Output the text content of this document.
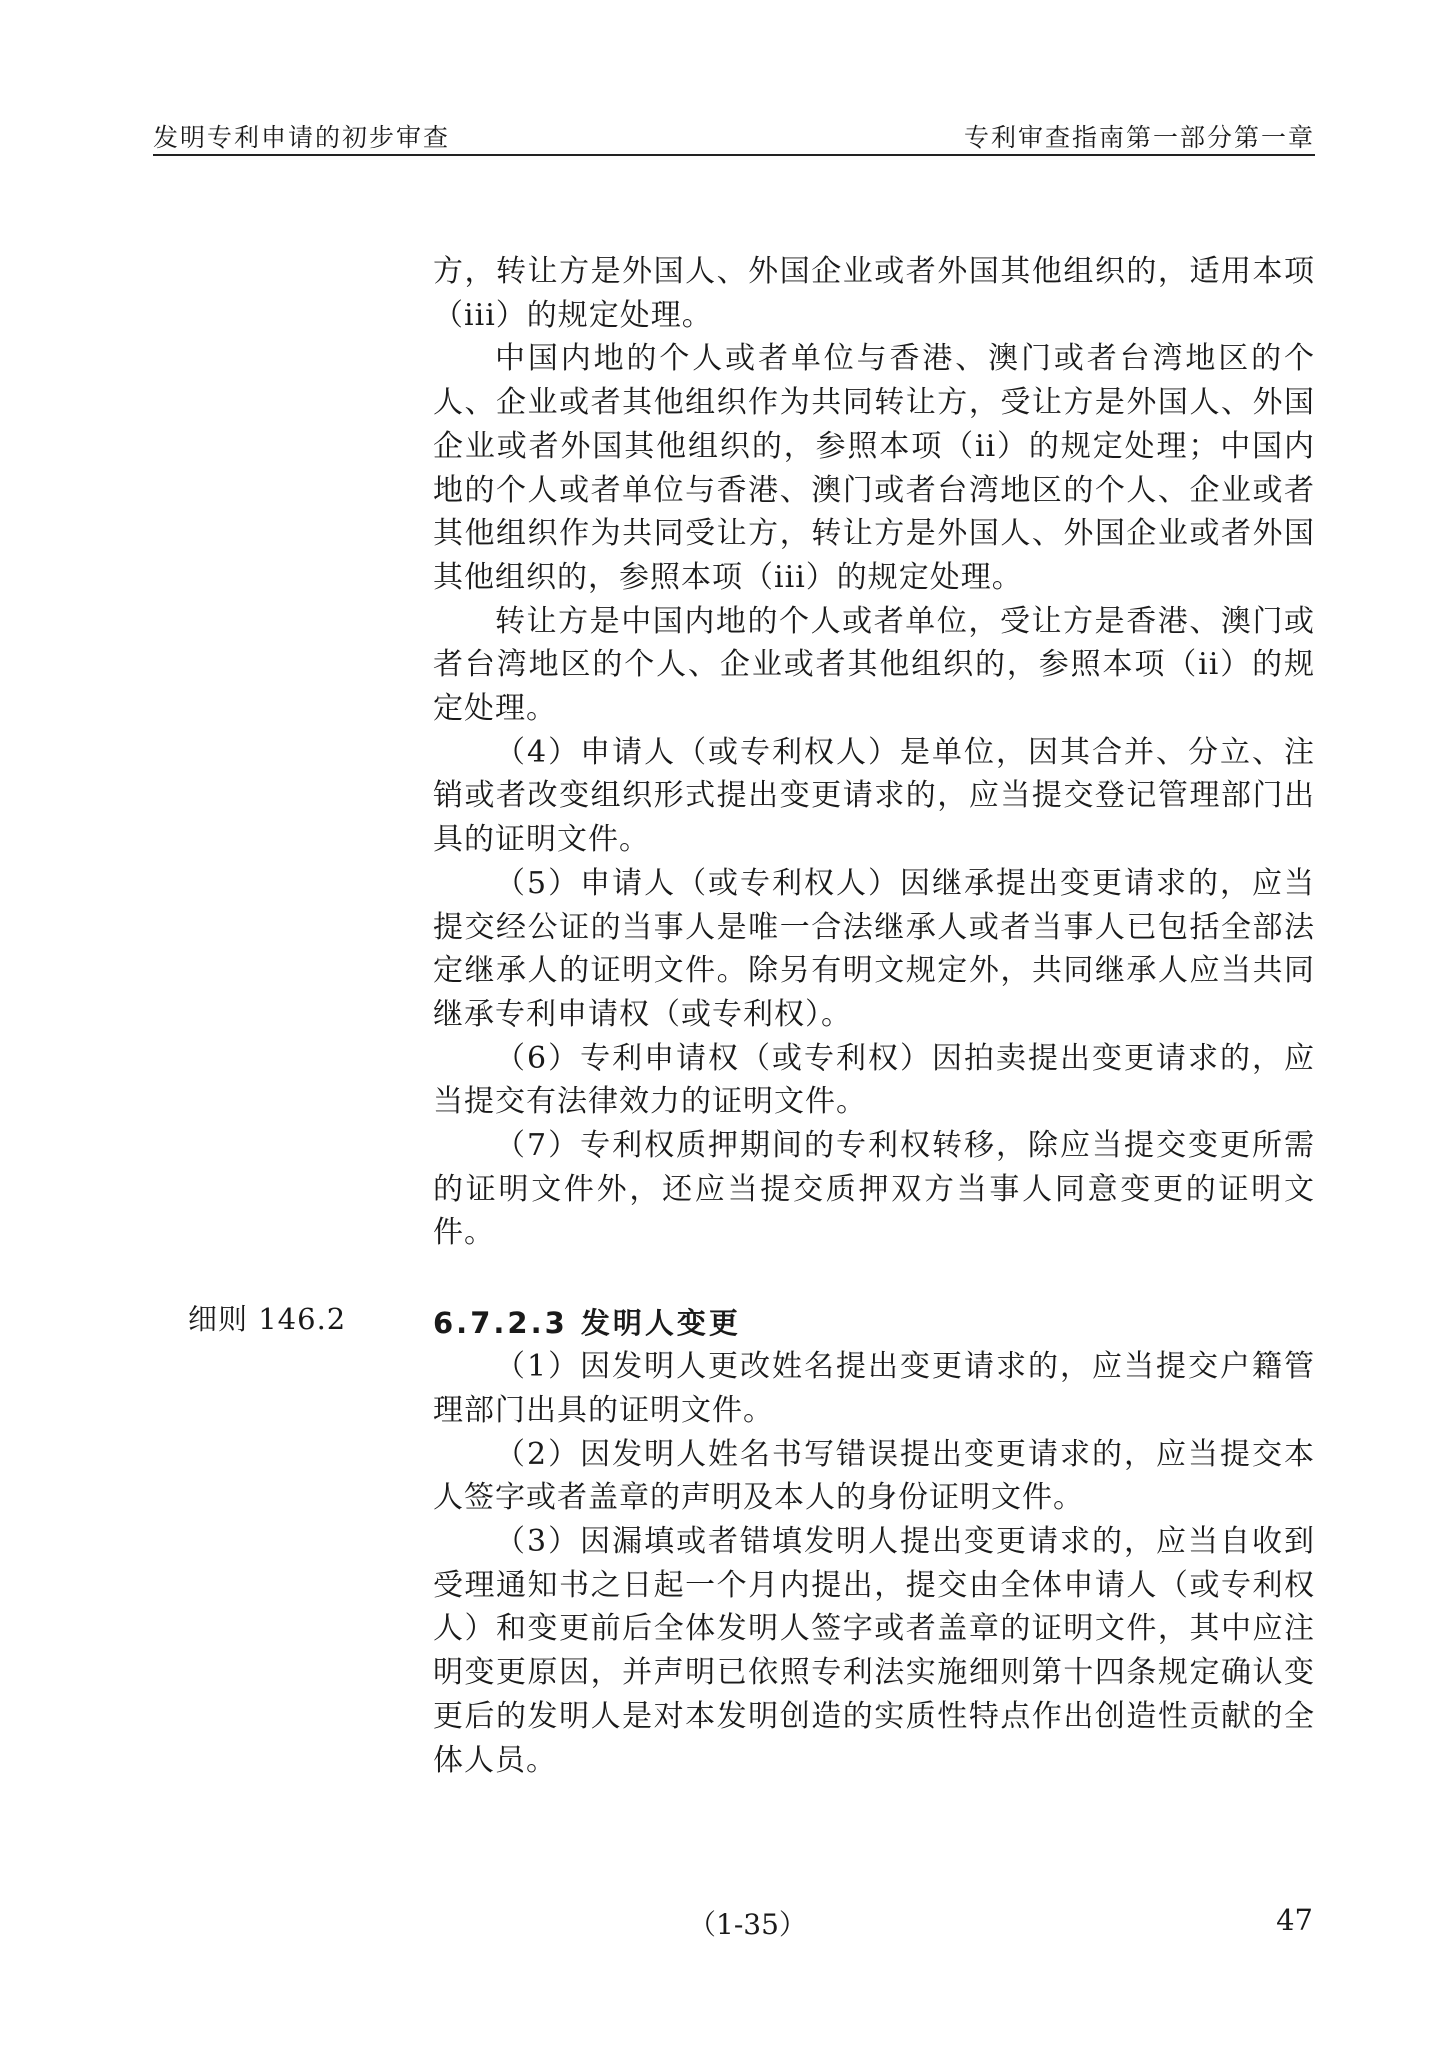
发明专利申请的初步审查	专利审查指南第一部分第一章
细则 146.2

方，转让方是外国人、外国企业或者外国其他组织的，适用本项（iii）的规定处理。

中国内地的个人或者单位与香港、澳门或者台湾地区的个人、企业或者其他组织作为共同转让方，受让方是外国人、外国企业或者外国其他组织的，参照本项（ii）的规定处理；中国内地的个人或者单位与香港、澳门或者台湾地区的个人、企业或者其他组织作为共同受让方，转让方是外国人、外国企业或者外国其他组织的，参照本项（iii）的规定处理。

转让方是中国内地的个人或者单位，受让方是香港、澳门或者台湾地区的个人、企业或者其他组织的，参照本项（ii）的规定处理。

（4）申请人（或专利权人）是单位，因其合并、分立、注销或者改变组织形式提出变更请求的，应当提交登记管理部门出具的证明文件。

（5）申请人（或专利权人）因继承提出变更请求的，应当提交经公证的当事人是唯一合法继承人或者当事人已包括全部法定继承人的证明文件。除另有明文规定外，共同继承人应当共同继承专利申请权（或专利权）。

（6）专利申请权（或专利权）因拍卖提出变更请求的，应当提交有法律效力的证明文件。

（7）专利权质押期间的专利权转移，除应当提交变更所需的证明文件外，还应当提交质押双方当事人同意变更的证明文件。

6.7.2.3 发明人变更

（1）因发明人更改姓名提出变更请求的，应当提交户籍管理部门出具的证明文件。

（2）因发明人姓名书写错误提出变更请求的，应当提交本人签字或者盖章的声明及本人的身份证明文件。

（3）因漏填或者错填发明人提出变更请求的，应当自收到受理通知书之日起一个月内提出，提交由全体申请人（或专利权人）和变更前后全体发明人签字或者盖章的证明文件，其中应注明变更原因，并声明已依照专利法实施细则第十四条规定确认变更后的发明人是对本发明创造的实质性特点作出创造性贡献的全体人员。

（1-35）	47
